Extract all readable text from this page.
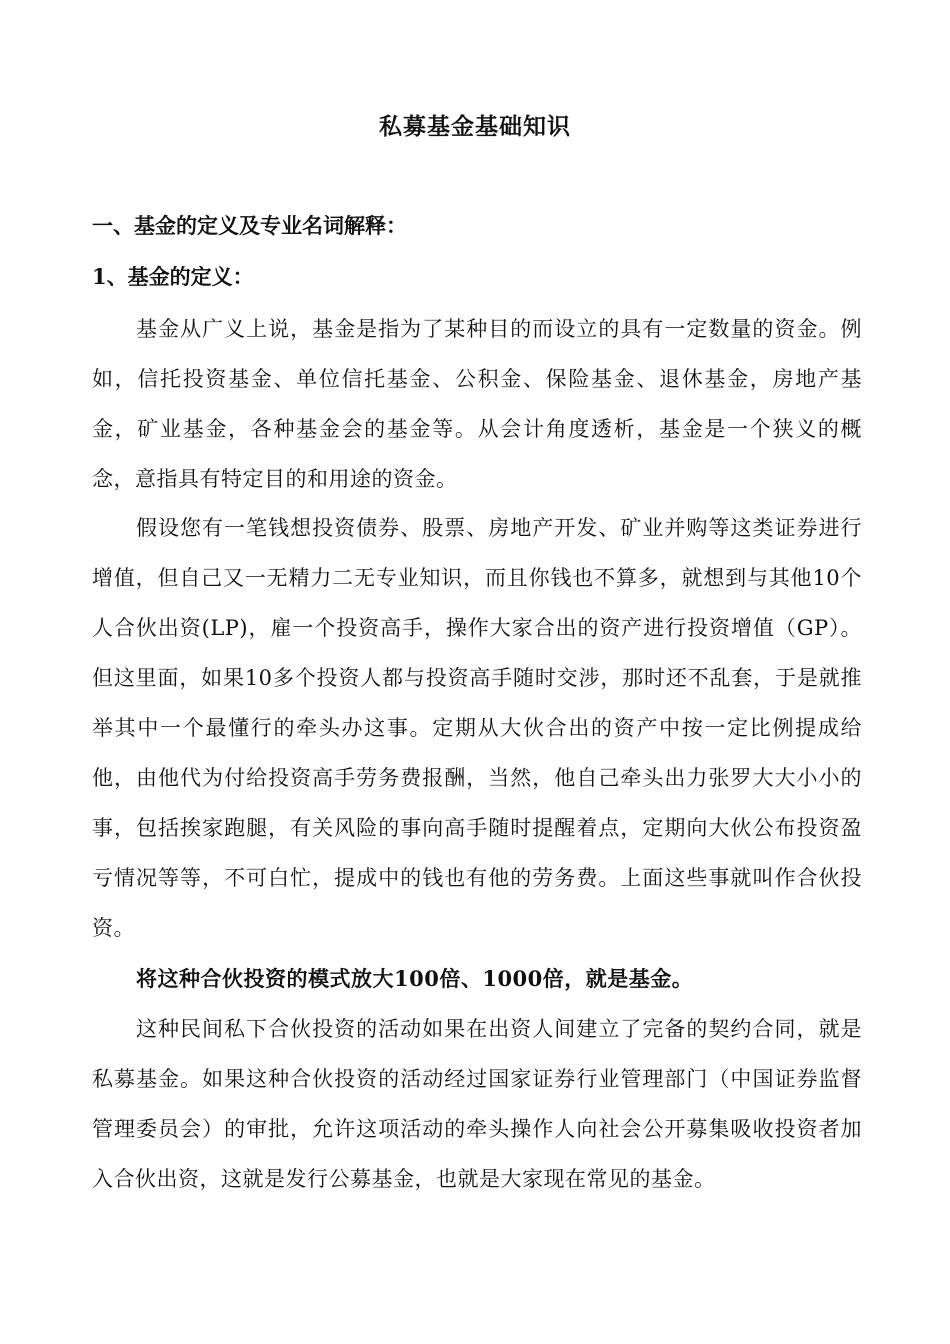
私募基金基础知识
一、基金的定义及专业名词解释：
1、基金的定义：
基金从广义上说，基金是指为了某种目的而设立的具有一定数量的资金。例如，信托投资基金、单位信托基金、公积金、保险基金、退休基金，房地产基金，矿业基金，各种基金会的基金等。从会计角度透析，基金是一个狭义的概念，意指具有特定目的和用途的资金。
假设您有一笔钱想投资债券、股票、房地产开发、矿业并购等这类证券进行增值，但自己又一无精力二无专业知识，而且你钱也不算多，就想到与其他10个人合伙出资(LP)，雇一个投资高手，操作大家合出的资产进行投资增值（GP）。但这里面，如果10多个投资人都与投资高手随时交涉，那时还不乱套，于是就推举其中一个最懂行的牵头办这事。定期从大伙合出的资产中按一定比例提成给他，由他代为付给投资高手劳务费报酬，当然，他自己牵头出力张罗大大小小的事，包括挨家跑腿，有关风险的事向高手随时提醒着点，定期向大伙公布投资盈亏情况等等，不可白忙，提成中的钱也有他的劳务费。上面这些事就叫作合伙投资。
将这种合伙投资的模式放大100倍、1000倍，就是基金。
这种民间私下合伙投资的活动如果在出资人间建立了完备的契约合同，就是私募基金。如果这种合伙投资的活动经过国家证券行业管理部门（中国证券监督管理委员会）的审批，允许这项活动的牵头操作人向社会公开募集吸收投资者加入合伙出资，这就是发行公募基金，也就是大家现在常见的基金。
